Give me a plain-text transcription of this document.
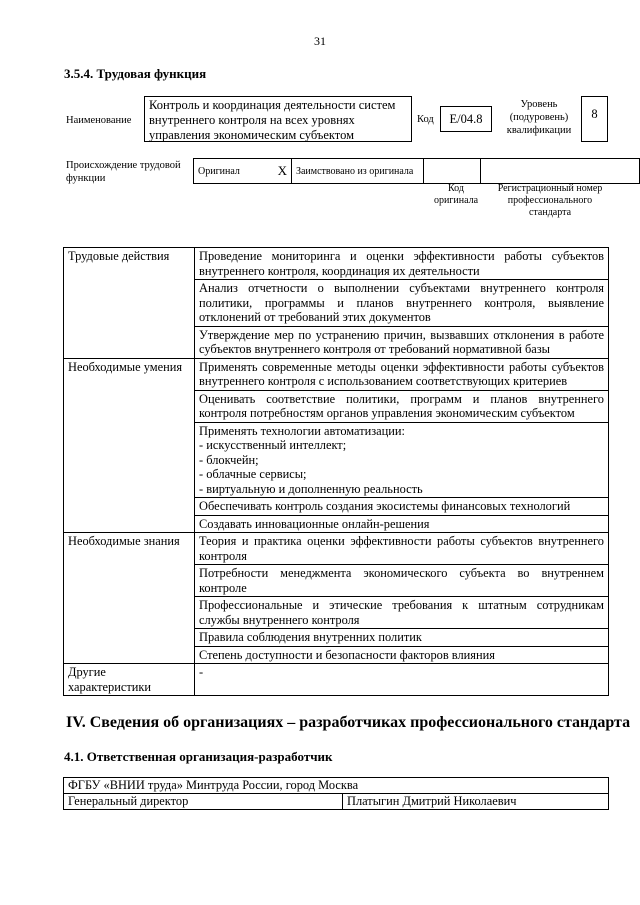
31
3.5.4. Трудовая функция
Наименование
Контроль и координация деятельности систем внутреннего контроля на всех уровнях управления экономическим субъектом
Код	E/04.8
Уровень (подуровень) квалификации
8
Происхождение трудовой функции
Оригинал	X	Заимствовано из оригинала		
Код оригинала
Регистрационный номер профессионального стандарта
Трудовые действия	Проведение мониторинга и оценки эффективности работы субъектов внутреннего контроля, координация их деятельности
	Анализ отчетности о выполнении субъектами внутреннего контроля политики, программы и планов внутреннего контроля, выявление отклонений от требований этих документов
	Утверждение мер по устранению причин, вызвавших отклонения в работе субъектов внутреннего контроля от требований нормативной базы
Необходимые умения	Применять современные методы оценки эффективности работы субъектов внутреннего контроля с использованием соответствующих критериев
	Оценивать соответствие политики, программ и планов внутреннего контроля потребностям органов управления экономическим субъектом

	Применять технологии автоматизации:
- искусственный интеллект;
- блокчейн;
- облачные сервисы;
- виртуальную и дополненную реальность

	Обеспечивать контроль создания экосистемы финансовых технологий
	Создавать инновационные онлайн-решения
Необходимые знания	Теория и практика оценки эффективности работы субъектов внутреннего контроля
	Потребности менеджмента экономического субъекта во внутреннем контроле
	Профессиональные и этические требования к штатным сотрудникам службы внутреннего контроля
	Правила соблюдения внутренних политик
	Степень доступности и безопасности факторов влияния
Другие характеристики	-
IV. Сведения об организациях – разработчиках профессионального стандарта
4.1. Ответственная организация-разработчик
ФГБУ «ВНИИ труда» Минтруда России, город Москва
Генеральный директор	Платыгин Дмитрий Николаевич
